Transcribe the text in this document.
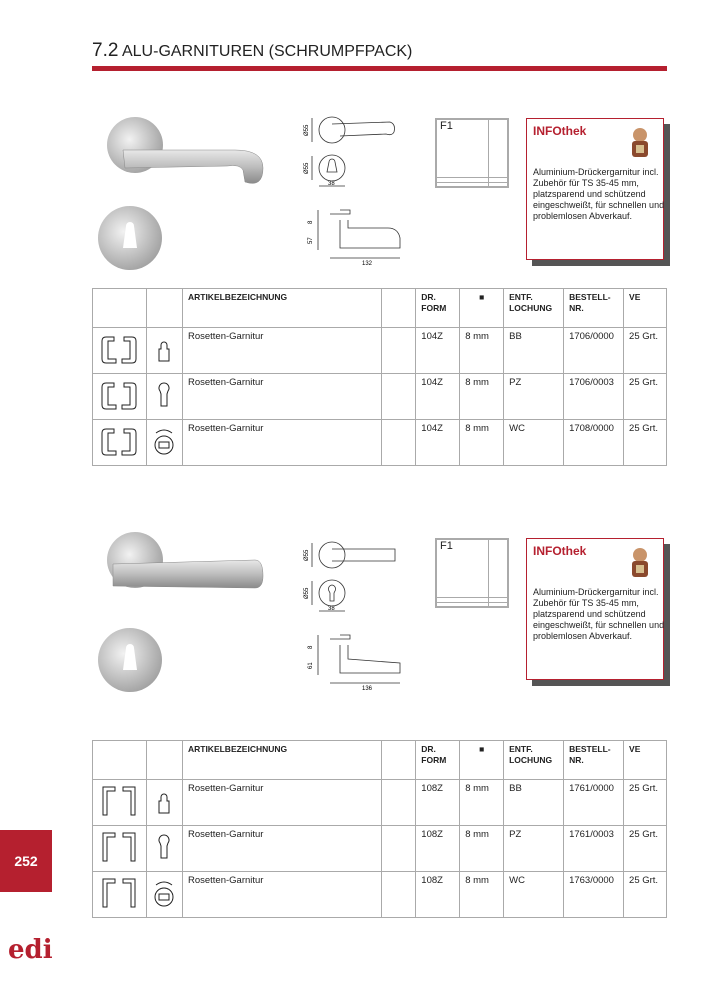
7.2 ALU-GARNITUREN (SCHRUMPFPACK)
Ø55
Ø55
38
8
57
132
F1	

		INFOthek
Aluminium-Drückergarnitur incl. Zubehör für TS 35-45 mm, platzsparend und schützend eingeschweißt, für schnellen und problemlosen Abverkauf.
		ARTIKELBEZEICHNUNG		DR. FORM	■	ENTF. LOCHUNG	BESTELL-NR.	VE
		Rosetten-Garnitur		104Z	8 mm	BB	1706/0000	25 Grt.
		Rosetten-Garnitur		104Z	8 mm	PZ	1706/0003	25 Grt.
		Rosetten-Garnitur		104Z	8 mm	WC	1708/0000	25 Grt.
Ø55
Ø55
38
8
61
136
F1	

		INFOthek
Aluminium-Drückergarnitur incl. Zubehör für TS 35-45 mm, platzsparend und schützend eingeschweißt, für schnellen und problemlosen Abverkauf.
		ARTIKELBEZEICHNUNG		DR. FORM	■	ENTF. LOCHUNG	BESTELL-NR.	VE
		Rosetten-Garnitur		108Z	8 mm	BB	1761/0000	25 Grt.
		Rosetten-Garnitur		108Z	8 mm	PZ	1761/0003	25 Grt.
		Rosetten-Garnitur		108Z	8 mm	WC	1763/0000	25 Grt.
252
edi
